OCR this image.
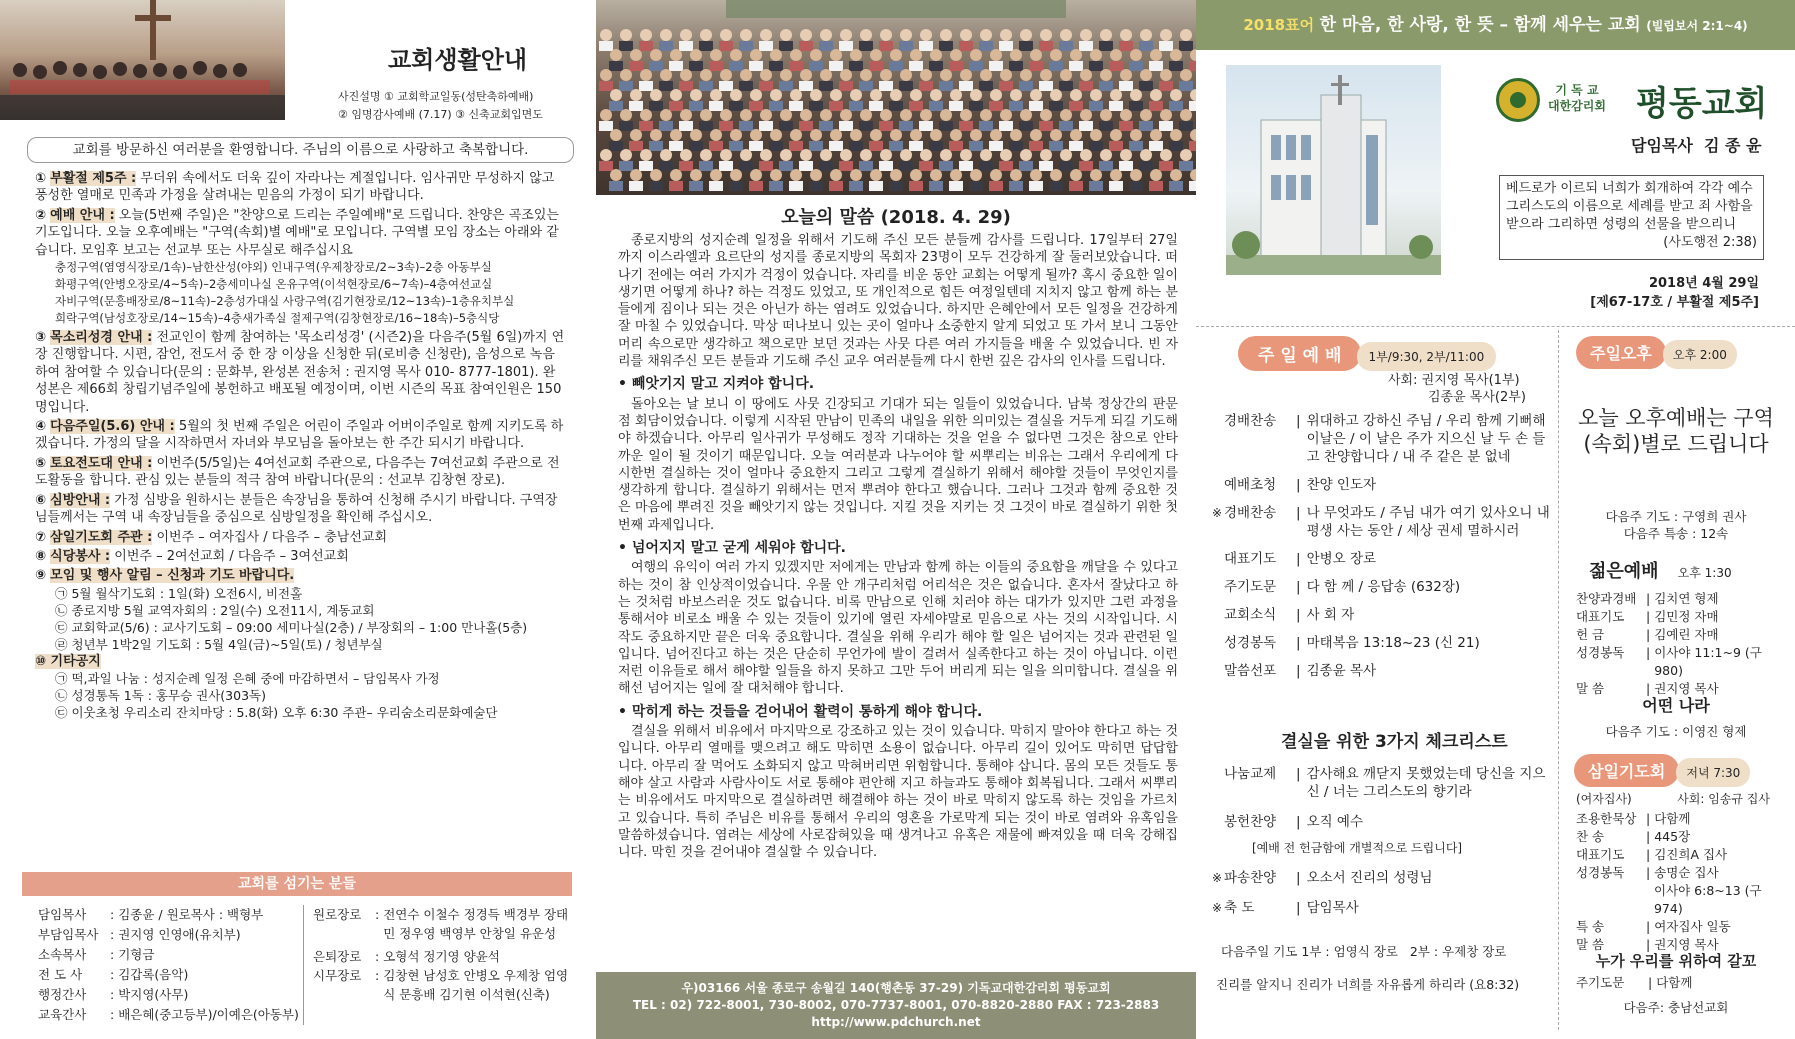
교회생활안내
사진설명 ① 교회학교일동(성탄축하예배)
② 임명감사예배 (7.17) ③ 신축교회입면도
교회를 방문하신 여러분을 환영합니다. 주님의 이름으로 사랑하고 축복합니다.
① 부활절 제5주 : 무더위 속에서도 더욱 깊이 자라나는 계절입니다. 임사귀만 무성하지 않고 풍성한 열매로 민족과 가정을 살려내는 믿음의 가정이 되기 바랍니다.
② 예배 안내 : 오늘(5번째 주일)은 "찬양으로 드리는 주일예배"로 드립니다. 찬양은 곡조있는 기도입니다. 오늘 오후예배는 "구역(속회)별 예배"로 모입니다. 구역별 모임 장소는 아래와 같습니다. 모임후 보고는 선교부 또는 사무실로 해주십시요
충정구역(염영식장로/1속)–남한산성(야외) 인내구역(우제창장로/2~3속)–2층 아동부실
화평구역(안병오장로/4~5속)–2층세미나실 온유구역(이석현장로/6~7속)–4층여선교실
자비구역(문흥배장로/8~11속)–2층성가대실 사랑구역(김기현장로/12~13속)–1층유치부실
희락구역(남성호장로/14~15속)–4층새가족실 절제구역(김창현장로/16~18속)–5층식당
③ 목소리성경 안내 : 전교인이 함께 참여하는 '목소리성경' (시즌2)을 다음주(5월 6일)까지 연장 진행합니다. 시편, 잠언, 전도서 중 한 장 이상을 신청한 뒤(로비층 신청란), 음성으로 녹음하여 참여할 수 있습니다(문의 : 문화부, 완성본 전송처 : 권지영 목사 010- 8777-1801). 완성본은 제66회 창립기념주일에 봉헌하고 배포될 예정이며, 이번 시즌의 목표 참여인원은 150명입니다.
④ 다음주일(5.6) 안내 : 5월의 첫 번째 주일은 어린이 주일과 어버이주일로 함께 지키도록 하겠습니다. 가정의 달을 시작하면서 자녀와 부모님을 돌아보는 한 주간 되시기 바랍니다.
⑤ 토요전도대 안내 : 이번주(5/5일)는 4여선교회 주관으로, 다음주는 7여선교회 주관으로 전도활동을 합니다. 관심 있는 분들의 적극 참여 바랍니다(문의 : 선교부 김창현 장로).
⑥ 심방안내 : 가정 심방을 원하시는 분들은 속장님을 통하여 신청해 주시기 바랍니다. 구역장님들께서는 구역 내 속장님들을 중심으로 심방일정을 확인해 주십시오.
⑦ 삼일기도회 주관 : 이번주 – 여자집사 / 다음주 – 충남선교회
⑧ 식당봉사 : 이번주 – 2여선교회 / 다음주 – 3여선교회
⑨ 모임 및 행사 알림 – 신청과 기도 바랍니다.
㉠ 5월 월삭기도회 : 1일(화) 오전6시, 비전홀
㉡ 종로지방 5월 교역자회의 : 2일(수) 오전11시, 계동교회
㉢ 교회학교(5/6) : 교사기도회 – 09:00 세미나실(2층) / 부장회의 – 1:00 만나홀(5층)
㉣ 청년부 1박2일 기도회 : 5월 4일(금)~5일(토) / 청년부실
⑩ 기타공지
㉠ 떡,과일 나눔 : 성지순례 일정 은혜 중에 마감하면서 – 담임목사 가정
㉡ 성경통독 1독 : 홍무승 권사(303독)
㉢ 이웃초청 우리소리 잔치마당 : 5.8(화) 오후 6:30 주관– 우리숨소리문화예술단
교회를 섬기는 분들
담임목사	: 김종윤 / 원로목사 : 백형부
부담임목사 : 권지영 인영애(유치부)
소속목사	: 기형금
전 도 사	: 김갑록(음악)
행정간사	: 박지영(사무)
교육간사	: 배은혜(중고등부)/이예은(아동부)
원로장로	: 전연수 이철수 정경득 백경부 장태민 정우영 백영부 안창일 유운성
은퇴장로	: 오형석 정기영 양윤석
시무장로	: 김창현 남성호 안병오 우제창 엄영식 문흥배 김기현 이석현(신축)
오늘의 말씀 (2018. 4. 29)

종로지방의 성지순례 일정을 위해서 기도해 주신 모든 분들께 감사를 드립니다. 17일부터 27일까지 이스라엘과 요르단의 성지를 종로지방의 목회자 23명이 모두 건강하게 잘 둘러보았습니다. 떠나기 전에는 여러 가지가 걱정이 었습니다. 자리를 비운 동안 교회는 어떻게 될까? 혹시 중요한 일이 생기면 어떻게 하나? 하는 걱정도 있었고, 또 개인적으로 힘든 여정일텐데 지치지 않고 함께 하는 분들에게 짐이나 되는 것은 아닌가 하는 염려도 있었습니다. 하지만 은혜안에서 모든 일정을 건강하게 잘 마칠 수 있었습니다. 막상 떠나보니 있는 곳이 얼마나 소중한지 알게 되었고 또 가서 보니 그동안 머리 속으로만 생각하고 책으로만 보던 것과는 사뭇 다른 여러 가지들을 배울 수 있었습니다. 빈 자리를 채워주신 모든 분들과 기도해 주신 교우 여러분들께 다시 한번 깊은 감사의 인사를 드립니다.

• 빼앗기지 말고 지켜야 합니다.

돌아오는 날 보니 이 땅에도 사뭇 긴장되고 기대가 되는 일들이 있었습니다. 남북 정상간의 판문점 회담이었습니다. 이렇게 시작된 만남이 민족의 내일을 위한 의미있는 결실을 거두게 되길 기도해야 하겠습니다. 아무리 일사귀가 무성해도 정작 기대하는 것을 얻을 수 없다면 그것은 참으로 안타까운 일이 될 것이기 때문입니다. 오늘 여러분과 나누어야 할 씨뿌리는 비유는 그래서 우리에게 다시한번 결실하는 것이 얼마나 중요한지 그리고 그렇게 결실하기 위해서 해야할 것들이 무엇인지를 생각하게 합니다. 결실하기 위해서는 먼저 뿌려야 한다고 했습니다. 그러나 그것과 함께 중요한 것은 마음에 뿌려진 것을 빼앗기지 않는 것입니다. 지킬 것을 지키는 것 그것이 바로 결실하기 위한 첫 번째 과제입니다.

• 넘어지지 말고 굳게 세워야 합니다.

여행의 유익이 여러 가지 있겠지만 저에게는 만남과 함께 하는 이들의 중요함을 깨달을 수 있다고 하는 것이 참 인상적이었습니다. 우물 안 개구리처럼 어리석은 것은 없습니다. 혼자서 잘났다고 하는 것처럼 바보스러운 것도 없습니다. 비록 만남으로 인해 치러야 하는 대가가 있지만 그런 과정을 통해서야 비로소 배울 수 있는 것들이 있기에 열린 자세야말로 믿음으로 사는 것의 시작입니다. 시작도 중요하지만 끝은 더욱 중요합니다. 결실을 위해 우리가 해야 할 일은 넘어지는 것과 관련된 일입니다. 넘어진다고 하는 것은 단순히 무언가에 발이 걸려서 실족한다고 하는 것이 아닙니다. 이런 저런 이유들로 해서 해야할 일들을 하지 못하고 그만 두어 버리게 되는 일을 의미합니다. 결실을 위해선 넘어지는 일에 잘 대처해야 합니다.

• 막히게 하는 것들을 걷어내어 활력이 통하게 해야 합니다.

결실을 위해서 비유에서 마지막으로 강조하고 있는 것이 있습니다. 막히지 말아야 한다고 하는 것입니다. 아무리 열매를 맺으려고 해도 막히면 소용이 없습니다. 아무리 길이 있어도 막히면 답답합니다. 아무리 잘 먹어도 소화되지 않고 막혀버리면 위험합니다. 통해야 삽니다. 몸의 모든 것들도 통해야 살고 사람과 사람사이도 서로 통해야 편안해 지고 하늘과도 통해야 회복됩니다. 그래서 씨뿌리는 비유에서도 마지막으로 결실하려면 해결해야 하는 것이 바로 막히지 않도록 하는 것임을 가르치고 있습니다. 특히 주님은 비유를 통해서 우리의 영혼을 가로막게 되는 것이 바로 염려와 유혹임을 말씀하셨습니다. 염려는 세상에 사로잡혀있을 때 생겨나고 유혹은 재물에 빠져있을 때 더욱 강해집니다. 막힌 것을 걷어내야 결실할 수 있습니다.

우)03166 서울 종로구 송월길 140(행촌동 37-29) 기독교대한감리회 평동교회
TEL : 02) 722-8001, 730-8002, 070-7737-8001, 070-8820-2880 FAX : 723-2883
http://www.pdchurch.net
2018표어 한 마음, 한 사랑, 한 뜻 – 함께 세우는 교회 (빌립보서 2:1~4)
기 독 교
대한감리회 평동교회
담임목사  김 종 윤
베드로가 이르되 너희가 회개하여 각각 예수 그리스도의 이름으로 세례를 받고 죄 사함을 받으라 그리하면 성령의 선물을 받으리니
(사도행전 2:38)
2018년 4월 29일
[제67-17호 / 부활절 제5주]
주 일 예 배 1부/9:30, 2부/11:00
사회: 권지영 목사(1부)
김종윤 목사(2부)
경배찬송	| 위대하고 강하신 주님 / 우리 함께 기뻐해 이날은 / 이 날은 주가 지으신 날 두 손 들고 찬양합니다 / 내 주 같은 분 없네
예배초청	| 찬양 인도자
※ 경배찬송	| 나 무엇과도 / 주님 내가 여기 있사오니 내 평생 사는 동안 / 세상 권세 멸하시러
대표기도	| 안병오 장로
주기도문	| 다 함 께 / 응답송 (632장)
교회소식	| 사 회 자
성경봉독	| 마태복음 13:18~23 (신 21)
말씀선포	| 김종윤 목사
결실을 위한 3가지 체크리스트
나눔교제	| 감사해요 깨닫지 못했었는데 당신을 지으신 / 너는 그리스도의 향기라
봉헌찬양	| 오직 예수
[예배 전 헌금함에 개별적으로 드립니다]
※ 파송찬양	| 오소서 진리의 성령님
※ 축 도	| 담임목사
다음주일 기도 1부 : 엄영식 장로   2부 : 우제창 장로
진리를 알지니 진리가 너희를 자유롭게 하리라 (요8:32)
주일오후 오후 2:00
오늘 오후예배는 구역(속회)별로 드립니다
다음주 기도 : 구영희 권사
다음주 특송 : 12속
젊은예배 오후 1:30
찬양과경배 | 김치연 형제
대표기도	| 김민정 자매
헌 금	| 김예린 자매
성경봉독	| 이사야 11:1~9 (구 980)
말 씀	| 권지영 목사
어떤 나라
다음주 기도 : 이영진 형제
삼일기도회 저녁 7:30
(여자집사)	사회: 임송규 집사
조용한묵상 | 다함께
찬 송	| 445장
대표기도	| 김진희A 집사
성경봉독	| 송명순 집사

이사야 6:8~13 (구 974)
특 송	| 여자집사 일동
말 씀	| 권지영 목사
누가 우리를 위하여 갈꼬
주기도문 | 다함께
다음주: 충남선교회
